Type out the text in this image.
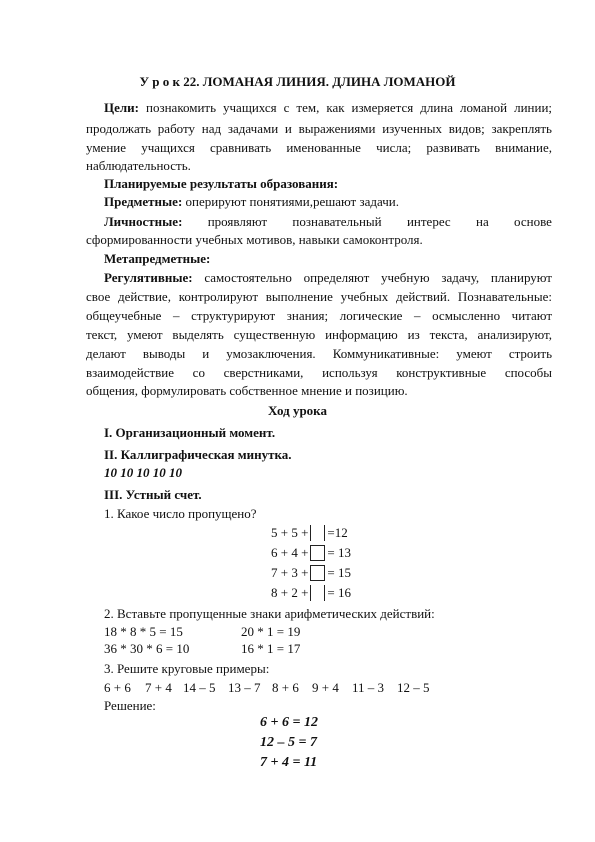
У р о к 22. ЛОМАНАЯ ЛИНИЯ. ДЛИНА ЛОМАНОЙ
Цели: познакомить учащихся с тем, как измеряется длина ломаной линии;
продолжать работу над задачами и выражениями изученных видов; закреплять
умение учащихся сравнивать именованные числа; развивать внимание,
наблюдательность.
Планируемые результаты образования:
Предметные: оперируют понятиями,решают задачи.
Личностные: проявляют познавательный интерес на основе
сформированности учебных мотивов, навыки самоконтроля.
Метапредметные:
Регулятивные: самостоятельно определяют учебную задачу, планируют
свое действие, контролируют выполнение учебных действий. Познавательные:
общеучебные – структурируют знания; логические – осмысленно читают
текст, умеют выделять существенную информацию из текста, анализируют,
делают выводы и умозаключения. Коммуникативные: умеют строить
взаимодействие со сверстниками, используя конструктивные способы
общения, формулировать собственное мнение и позицию.
Ход урока
I. Организационный момент.
II. Каллиграфическая минутка.
10 10 10 10 10
III. Устный счет.
1. Какое число пропущено?
5 + 5 + =12
6 + 4 + = 13
7 + 3 + = 15
8 + 2 + = 16
2. Вставьте пропущенные знаки арифметических действий:
18 * 8 * 5 = 15	20 * 1 = 19
36 * 30 * 6 = 10	16 * 1 = 17
3. Решите круговые примеры:
6 + 6 7 + 4 14 – 5 13 – 7 8 + 6 9 + 4 11 – 3 12 – 5
Решение:
6 + 6 = 12
12 – 5 = 7
7 + 4 = 11
